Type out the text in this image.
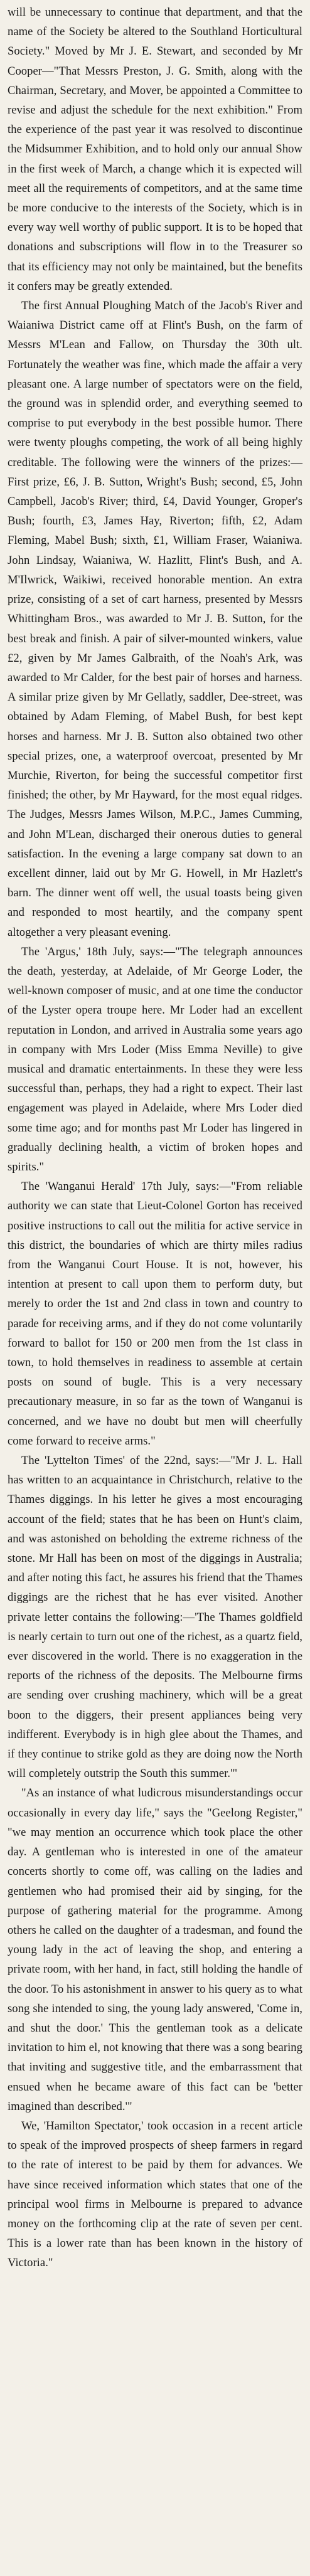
will be unnecessary to continue that department, and that the name of the Society be altered to the Southland Horticultural Society." Moved by Mr J. E. Stewart, and seconded by Mr Cooper—"That Messrs Preston, J. G. Smith, along with the Chairman, Secretary, and Mover, be appointed a Committee to revise and adjust the schedule for the next exhibition." From the experience of the past year it was resolved to discontinue the Midsummer Exhibition, and to hold only our annual Show in the first week of March, a change which it is expected will meet all the requirements of competitors, and at the same time be more conducive to the interests of the Society, which is in every way well worthy of public support. It is to be hoped that donations and subscriptions will flow in to the Treasurer so that its efficiency may not only be maintained, but the benefits it confers may be greatly extended.

The first Annual Ploughing Match of the Jacob's River and Waianiwa District came off at Flint's Bush, on the farm of Messrs M'Lean and Fallow, on Thursday the 30th ult. Fortunately the weather was fine, which made the affair a very pleasant one. A large number of spectators were on the field, the ground was in splendid order, and everything seemed to comprise to put everybody in the best possible humor. There were twenty ploughs competing, the work of all being highly creditable. The following were the winners of the prizes:—First prize, £6, J. B. Sutton, Wright's Bush; second, £5, John Campbell, Jacob's River; third, £4, David Younger, Groper's Bush; fourth, £3, James Hay, Riverton; fifth, £2, Adam Fleming, Mabel Bush; sixth, £1, William Fraser, Waianiwa. John Lindsay, Waianiwa, W. Hazlitt, Flint's Bush, and A. M'Ilwrick, Waikiwi, received honorable mention. An extra prize, consisting of a set of cart harness, presented by Messrs Whittingham Bros., was awarded to Mr J. B. Sutton, for the best break and finish. A pair of silver-mounted winkers, value £2, given by Mr James Galbraith, of the Noah's Ark, was awarded to Mr Calder, for the best pair of horses and harness. A similar prize given by Mr Gellatly, saddler, Dee-street, was obtained by Adam Fleming, of Mabel Bush, for best kept horses and harness. Mr J. B. Sutton also obtained two other special prizes, one, a waterproof overcoat, presented by Mr Murchie, Riverton, for being the successful competitor first finished; the other, by Mr Hayward, for the most equal ridges. The Judges, Messrs James Wilson, M.P.C., James Cumming, and John M'Lean, discharged their onerous duties to general satisfaction. In the evening a large company sat down to an excellent dinner, laid out by Mr G. Howell, in Mr Hazlett's barn. The dinner went off well, the usual toasts being given and responded to most heartily, and the company spent altogether a very pleasant evening.

The 'Argus,' 18th July, says:—"The telegraph announces the death, yesterday, at Adelaide, of Mr George Loder, the well-known composer of music, and at one time the conductor of the Lyster opera troupe here. Mr Loder had an excellent reputation in London, and arrived in Australia some years ago in company with Mrs Loder (Miss Emma Neville) to give musical and dramatic entertainments. In these they were less successful than, perhaps, they had a right to expect. Their last engagement was played in Adelaide, where Mrs Loder died some time ago; and for months past Mr Loder has lingered in gradually declining health, a victim of broken hopes and spirits."

The 'Wanganui Herald' 17th July, says:—"From reliable authority we can state that Lieut-Colonel Gorton has received positive instructions to call out the militia for active service in this district, the boundaries of which are thirty miles radius from the Wanganui Court House. It is not, however, his intention at present to call upon them to perform duty, but merely to order the 1st and 2nd class in town and country to parade for receiving arms, and if they do not come voluntarily forward to ballot for 150 or 200 men from the 1st class in town, to hold themselves in readiness to assemble at certain posts on sound of bugle. This is a very necessary precautionary measure, in so far as the town of Wanganui is concerned, and we have no doubt but men will cheerfully come forward to receive arms."

The 'Lyttelton Times' of the 22nd, says:—"Mr J. L. Hall has written to an acquaintance in Christchurch, relative to the Thames diggings. In his letter he gives a most encouraging account of the field; states that he has been on Hunt's claim, and was astonished on beholding the extreme richness of the stone. Mr Hall has been on most of the diggings in Australia; and after noting this fact, he assures his friend that the Thames diggings are the richest that he has ever visited. Another private letter contains the following:—'The Thames goldfield is nearly certain to turn out one of the richest, as a quartz field, ever discovered in the world. There is no exaggeration in the reports of the richness of the deposits. The Melbourne firms are sending over crushing machinery, which will be a great boon to the diggers, their present appliances being very indifferent. Everybody is in high glee about the Thames, and if they continue to strike gold as they are doing now the North will completely outstrip the South this summer.'"

"As an instance of what ludicrous misunderstandings occur occasionally in every day life," says the "Geelong Register," "we may mention an occurrence which took place the other day. A gentleman who is interested in one of the amateur concerts shortly to come off, was calling on the ladies and gentlemen who had promised their aid by singing, for the purpose of gathering material for the programme. Among others he called on the daughter of a tradesman, and found the young lady in the act of leaving the shop, and entering a private room, with her hand, in fact, still holding the handle of the door. To his astonishment in answer to his query as to what song she intended to sing, the young lady answered, 'Come in, and shut the door.' This the gentleman took as a delicate invitation to him el, not knowing that there was a song bearing that inviting and suggestive title, and the embarrassment that ensued when he became aware of this fact can be 'better imagined than described.'"

We, 'Hamilton Spectator,' took occasion in a recent article to speak of the improved prospects of sheep farmers in regard to the rate of interest to be paid by them for advances. We have since received information which states that one of the principal wool firms in Melbourne is prepared to advance money on the forthcoming clip at the rate of seven per cent. This is a lower rate than has been known in the history of Victoria."
